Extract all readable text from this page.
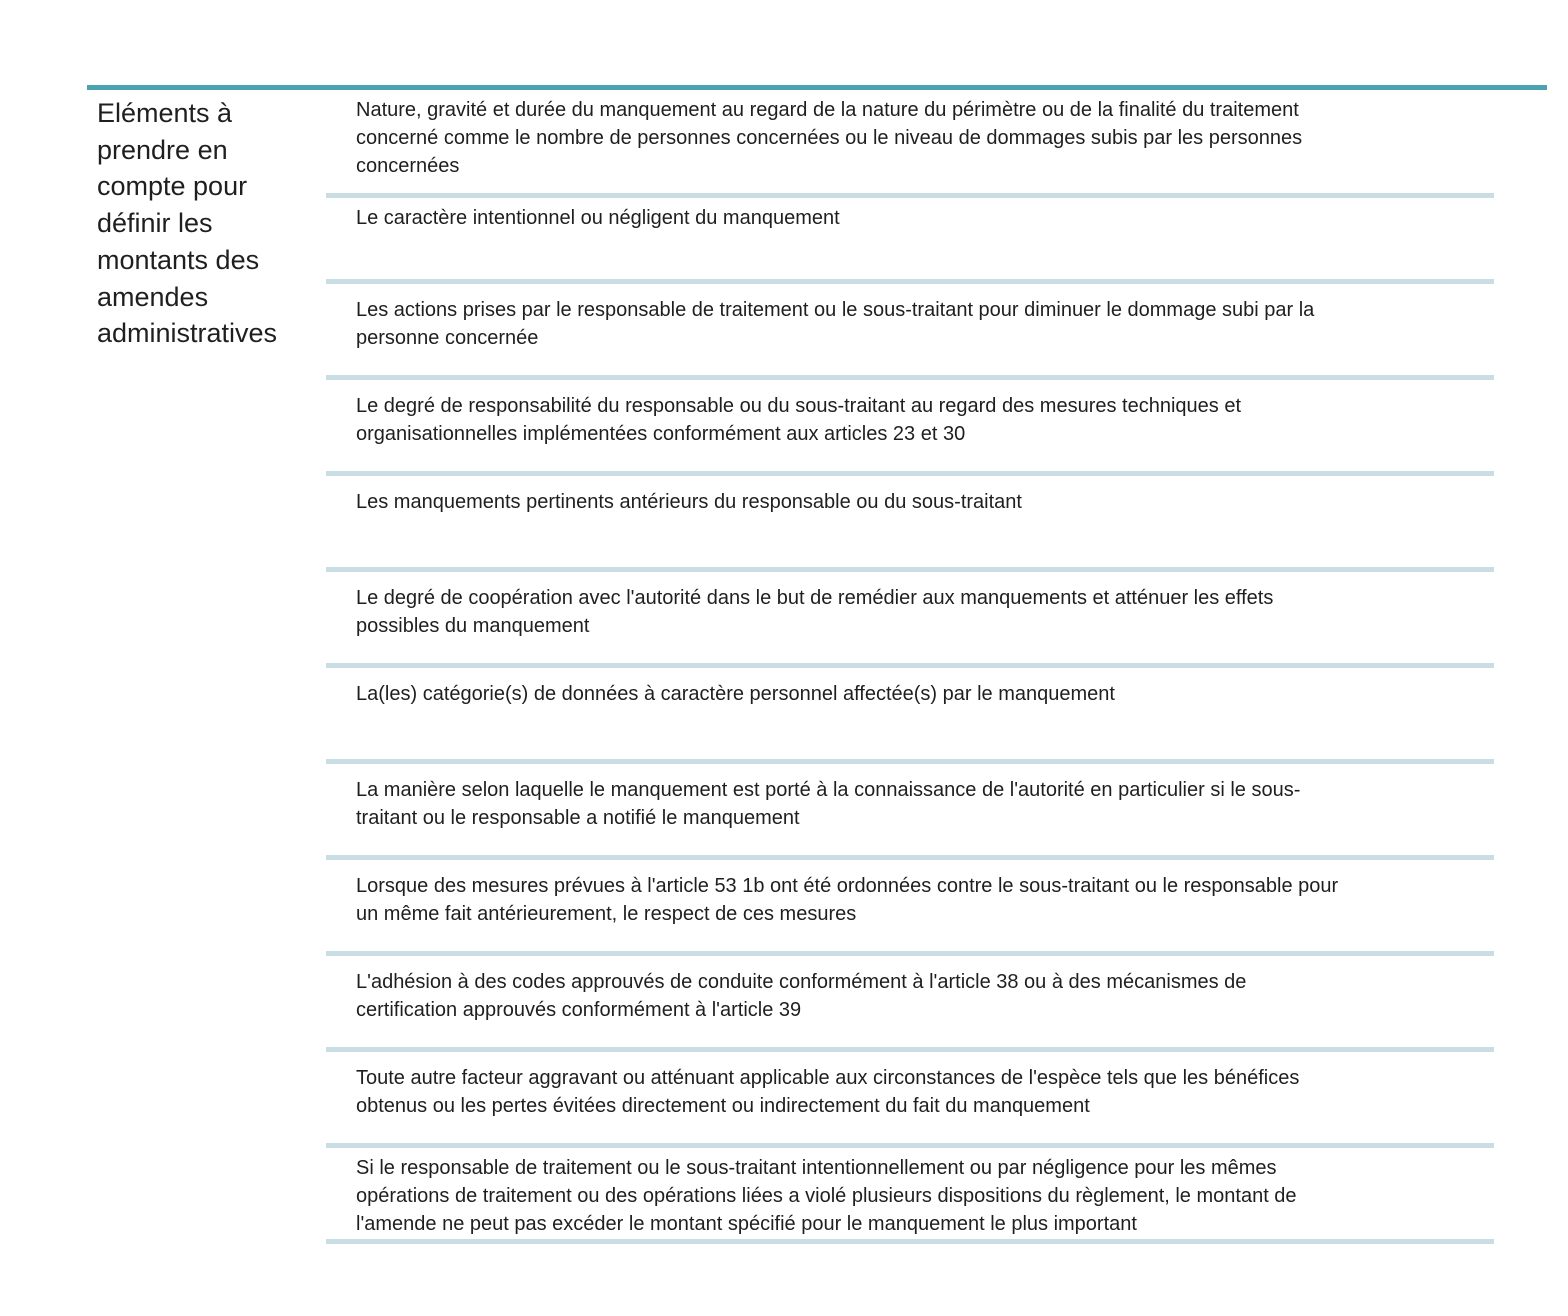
Eléments à
prendre en
compte pour
définir les
montants des
amendes
administratives
Nature, gravité et durée du manquement au regard de la nature du périmètre ou de la finalité du traitement
concerné comme le nombre de personnes concernées ou le niveau de dommages subis par les personnes
concernées
Le caractère intentionnel ou négligent du manquement
Les actions prises par le responsable de traitement ou le sous-traitant pour diminuer le dommage subi par la
personne concernée
Le degré de responsabilité du responsable ou du sous-traitant au regard des mesures techniques et
organisationnelles implémentées conformément aux articles 23 et 30
Les manquements pertinents antérieurs du responsable ou du sous-traitant
Le degré de coopération avec l'autorité dans le but de remédier aux manquements et atténuer les effets
possibles du manquement
La(les) catégorie(s) de données à caractère personnel affectée(s) par le manquement
La manière selon laquelle le manquement est porté à la connaissance de l'autorité en particulier si le sous-
traitant ou le responsable a notifié le manquement
Lorsque des mesures prévues à l'article 53 1b ont été ordonnées contre le sous-traitant ou le responsable pour
un même fait antérieurement, le respect de ces mesures
L'adhésion à des codes approuvés de conduite conformément à l'article 38 ou à des mécanismes de
certification approuvés conformément à l'article 39
Toute autre facteur aggravant ou atténuant applicable aux circonstances de l'espèce tels que les bénéfices
obtenus ou les pertes évitées directement ou indirectement du fait du manquement
Si le responsable de traitement ou le sous-traitant intentionnellement ou par négligence pour les mêmes
opérations de traitement ou des opérations liées a violé plusieurs dispositions du règlement, le montant de
l'amende ne peut pas excéder le montant spécifié pour le manquement le plus important
